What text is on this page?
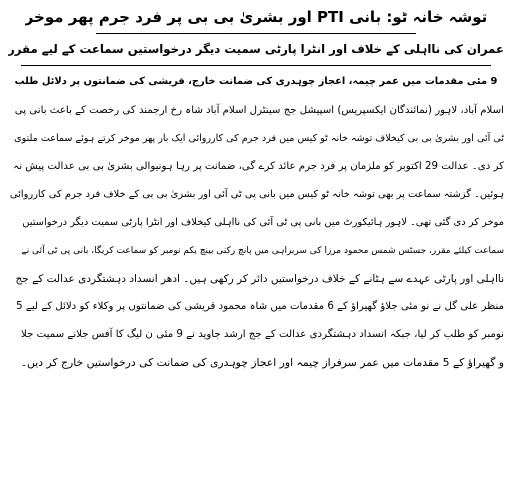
توشہ خانہ ٹو: بانی PTI اور بشریٰ بی بی پر فرد جرم پھر موخر
عمران کی نااہلی کے خلاف اور انٹرا پارٹی سمیت دیگر درخواستیں سماعت کے لیے مقرر
9 مئی مقدمات میں عمر چیمہ، اعجاز چوہدری کی ضمانت خارج، قریشی کی ضمانتوں پر دلائل طلب
اسلام آباد، لاہور (نمائندگان ایکسپریس) اسپیشل جج سینٹرل اسلام آباد شاہ رخ ارجمند کی رخصت کے باعث بانی پی
ٹی آئی اور بشریٰ بی بی کیخلاف توشہ خانہ ٹو کیس میں فرد جرم کی کارروائی ایک بار پھر موخر کرتے ہوئے سماعت ملتوی
کر دی۔ عدالت 29 اکتوبر کو ملزمان پر فرد جرم عائد کرے گی، ضمانت پر رہا ہونیوالی بشریٰ بی بی عدالت پیش نہ
ہوئیں۔ گزشتہ سماعت پر بھی توشہ خانہ ٹو کیس میں بانی پی ٹی آئی اور بشریٰ بی بی کے خلاف فرد جرم کی کارروائی
موخر کر دی گئی تھی۔ لاہور ہائیکورٹ میں بانی پی ٹی آئی کی نااہلی کیخلاف اور انٹرا پارٹی سمیت دیگر درخواستیں
سماعت کیلئے مقرر، جسٹس شمس محمود مرزا کی سربراہی میں پانچ رکنی بینچ یکم نومبر کو سماعت کریگا، بانی پی ٹی آئی نے
نااہلی اور پارٹی عہدے سے ہٹانے کے خلاف درخواستیں دائر کر رکھی ہیں۔ ادھر انسداد دہشتگردی عدالت کے جج
منظر علی گل نے نو مئی جلاؤ گھیراؤ کے 6 مقدمات میں شاہ محمود قریشی کی ضمانتوں پر وکلاء کو دلائل کے لیے 5
نومبر کو طلب کر لیا، جبکہ انسداد دہشتگردی عدالت کے جج ارشد جاوید نے 9 مئی ن لیگ کا آفس جلانے سمیت جلا
و گھیراؤ کے 5 مقدمات میں عمر سرفراز چیمہ اور اعجاز چوہدری کی ضمانت کی درخواستیں خارج کر دیں۔
